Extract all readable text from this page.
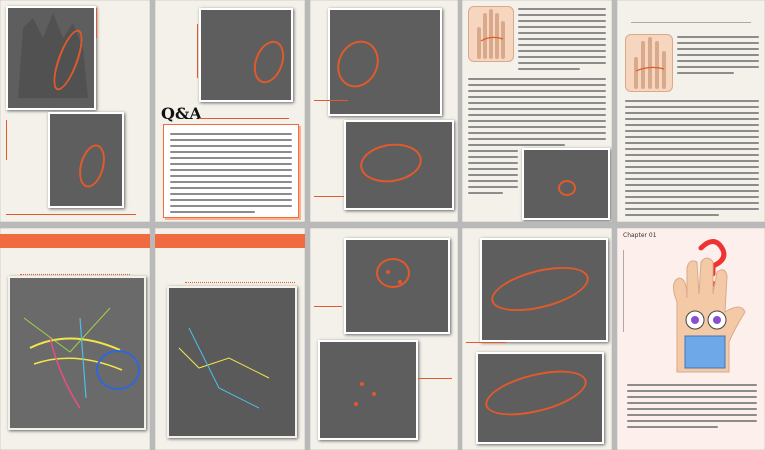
Q&A
Chapter 01
